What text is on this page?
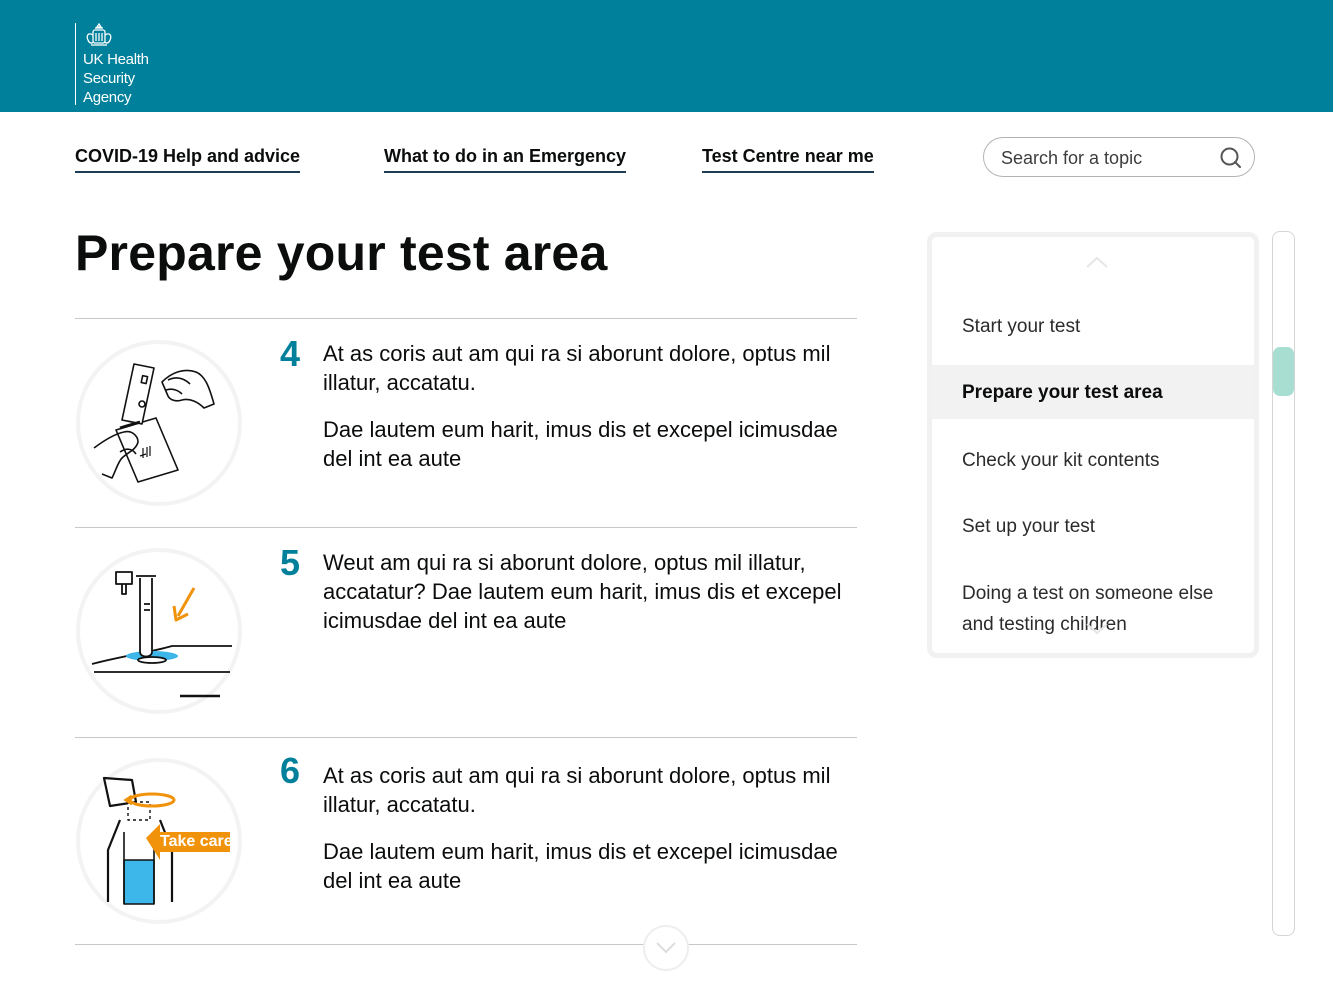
UK Health
Security
Agency
COVID-19 Help and advice	What to do in an Emergency	Test Centre near me
Search for a topic
Prepare your test area
4 At as coris aut am qui ra si aborunt dolore, optus mil illatur, accatatu.

Dae lautem eum harit, imus dis et excepel icimusdae del int ea aute

5 Weut am qui ra si aborunt dolore, optus mil illatur, accatatur? Dae lautem eum harit, imus dis et excepel icimusdae del int ea aute

Take care
6 At as coris aut am qui ra si aborunt dolore, optus mil illatur, accatatu.

Dae lautem eum harit, imus dis et excepel icimusdae del int ea aute

Start your test
Prepare your test area
Check your kit contents
Set up your test
Doing a test on someone else and testing children
